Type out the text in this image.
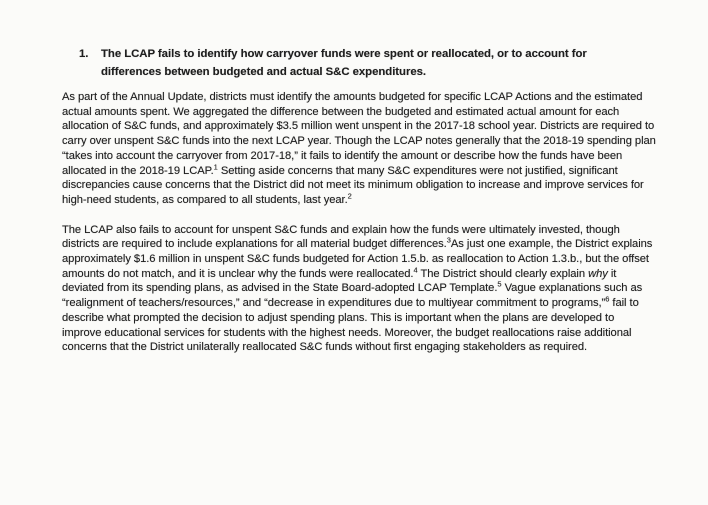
1.	The LCAP fails to identify how carryover funds were spent or reallocated, or to account for differences between budgeted and actual S&C expenditures.

As part of the Annual Update, districts must identify the amounts budgeted for specific LCAP Actions and the estimated actual amounts spent. We aggregated the difference between the budgeted and estimated actual amount for each allocation of S&C funds, and approximately $3.5 million went unspent in the 2017-18 school year. Districts are required to carry over unspent S&C funds into the next LCAP year. Though the LCAP notes generally that the 2018-19 spending plan “takes into account the carryover from 2017-18,” it fails to identify the amount or describe how the funds have been allocated in the 2018-19 LCAP.$^1$ Setting aside concerns that many S&C expenditures were not justified, significant discrepancies cause concerns that the District did not meet its minimum obligation to increase and improve services for high-need students, as compared to all students, last year.$^2$

The LCAP also fails to account for unspent S&C funds and explain how the funds were ultimately invested, though districts are required to include explanations for all material budget differences.$^3$As just one example, the District explains approximately $1.6 million in unspent S&C funds budgeted for Action 1.5.b. as reallocation to Action 1.3.b., but the offset amounts do not match, and it is unclear why the funds were reallocated.$^4$ The District should clearly explain why it deviated from its spending plans, as advised in the State Board-adopted LCAP Template.$^5$ Vague explanations such as “realignment of teachers/resources,” and “decrease in expenditures due to multiyear commitment to programs,”$^6$ fail to describe what prompted the decision to adjust spending plans. This is important when the plans are developed to improve educational services for students with the highest needs. Moreover, the budget reallocations raise additional concerns that the District unilaterally reallocated S&C funds without first engaging stakeholders as required.
